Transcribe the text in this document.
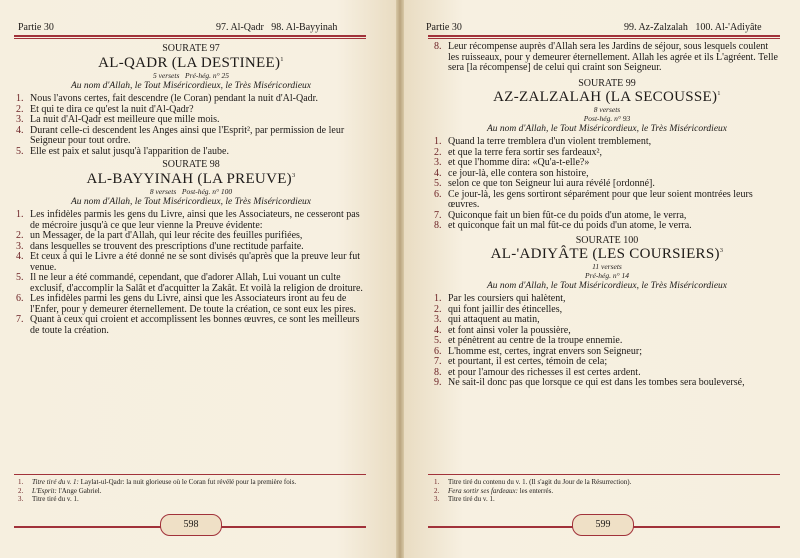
Partie 30	97. Al-Qadr   98. Al-Bayyinah
SOURATE 97
AL-QADR (LA DESTINEE)$^1$
5 versets   Pré-hég. n° 25
Au nom d'Allah, le Tout Miséricordieux, le Très Miséricordieux
1. Nous l'avons certes, fait descendre (le Coran) pendant la nuit d'Al-Qadr.
2. Et qui te dira ce qu'est la nuit d'Al-Qadr?
3. La nuit d'Al-Qadr est meilleure que mille mois.
4. Durant celle-ci descendent les Anges ainsi que l'Esprit², par permission de leur Seigneur pour tout ordre.
5. Elle est paix et salut jusqu'à l'apparition de l'aube.
SOURATE 98
AL-BAYYINAH (LA PREUVE)$^3$
8 versets   Post-hég. n° 100
Au nom d'Allah, le Tout Miséricordieux, le Très Miséricordieux
1. Les infidèles parmis les gens du Livre, ainsi que les Associateurs, ne cesseront pas de mécroire jusqu'à ce que leur vienne la Preuve évidente:
2. un Messager, de la part d'Allah, qui leur récite des feuilles purifiées,
3. dans lesquelles se trouvent des prescriptions d'une rectitude parfaite.
4. Et ceux à qui le Livre a été donné ne se sont divisés qu'après que la preuve leur fut venue.
5. Il ne leur a été commandé, cependant, que d'adorer Allah, Lui vouant un culte exclusif, d'accomplir la Salât et d'acquitter la Zakât. Et voilà la religion de droiture.
6. Les infidèles parmi les gens du Livre, ainsi que les Associateurs iront au feu de l'Enfer, pour y demeurer éternellement. De toute la création, ce sont eux les pires.
7. Quant à ceux qui croient et accomplissent les bonnes œuvres, ce sont les meilleurs de toute la création.
1.	Titre tiré du v. 1: Laylat-ul-Qadr: la nuit glorieuse où le Coran fut révélé pour la première fois.
2.	L'Esprit: l'Ange Gabriel.
3.	Titre tiré du v. 1.
598
Partie 30	99. Az-Zalzalah   100. Al-'Adiyâte
8. Leur récompense auprès d'Allah sera les Jardins de séjour, sous lesquels coulent les ruisseaux, pour y demeurer éternellement. Allah les agrée et ils L'agréent. Telle sera [la récompense] de celui qui craint son Seigneur.
SOURATE 99
AZ-ZALZALAH (LA SECOUSSE)$^1$
8 versets
Post-hég. n° 93
Au nom d'Allah, le Tout Miséricordieux, le Très Miséricordieux
1. Quand la terre tremblera d'un violent tremblement,
2. et que la terre fera sortir ses fardeaux²,
3. et que l'homme dira: «Qu'a-t-elle?»
4. ce jour-là, elle contera son histoire,
5. selon ce que ton Seigneur lui aura révélé [ordonné].
6. Ce jour-là, les gens sortiront séparément pour que leur soient montrées leurs œuvres.
7. Quiconque fait un bien fût-ce du poids d'un atome, le verra,
8. et quiconque fait un mal fût-ce du poids d'un atome, le verra.
SOURATE 100
AL-'ADIYÂTE (LES COURSIERS)$^3$
11 versets
Pré-hég. n° 14
Au nom d'Allah, le Tout Miséricordieux, le Très Miséricordieux
1. Par les coursiers qui halètent,
2. qui font jaillir des étincelles,
3. qui attaquent au matin,
4. et font ainsi voler la poussière,
5. et pénètrent au centre de la troupe ennemie.
6. L'homme est, certes, ingrat envers son Seigneur;
7. et pourtant, il est certes, témoin de cela;
8. et pour l'amour des richesses il est certes ardent.
9. Ne sait-il donc pas que lorsque ce qui est dans les tombes sera bouleversé,
1.	Titre tiré du contenu du v. 1. (Il s'agit du Jour de la Résurrection).
2.	Fera sortir ses fardeaux: les enterrés.
3.	Titre tiré du v. 1.
599
